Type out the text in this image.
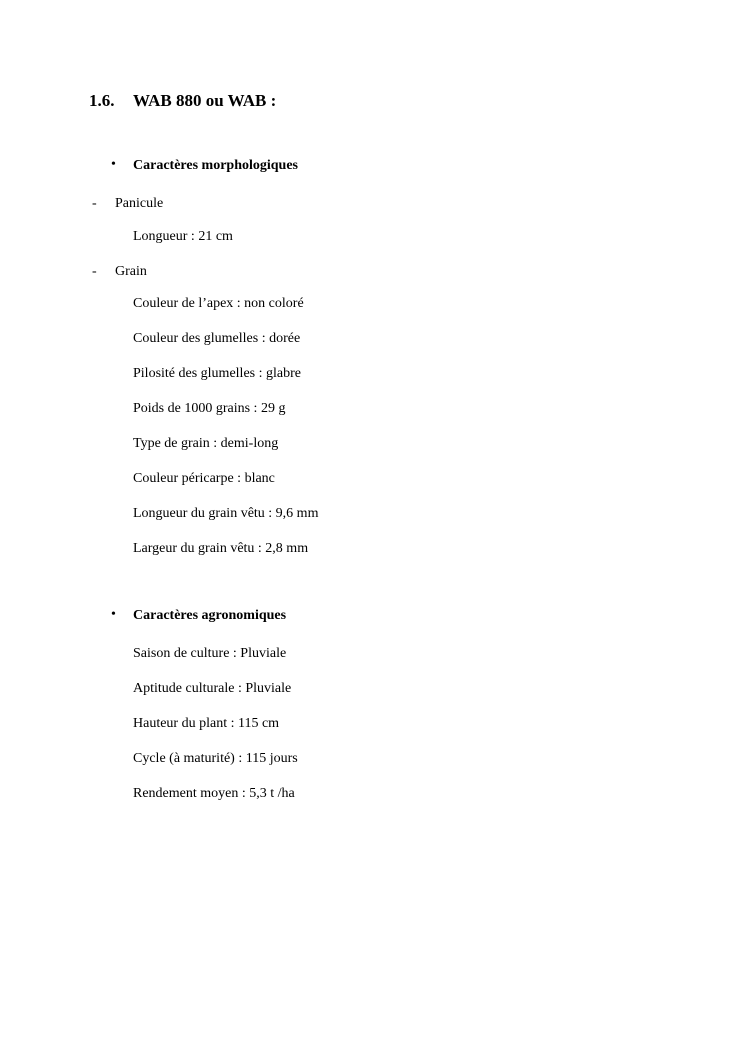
1.6. WAB 880 ou WAB :
• Caractères morphologiques
- Panicule
Longueur : 21 cm
- Grain
Couleur de l’apex : non coloré
Couleur des glumelles : dorée
Pilosité des glumelles : glabre
Poids de 1000 grains : 29 g
Type de grain : demi-long
Couleur péricarpe : blanc
Longueur du grain vêtu : 9,6 mm
Largeur du grain vêtu : 2,8 mm
• Caractères agronomiques
Saison de culture : Pluviale
Aptitude culturale : Pluviale
Hauteur du plant : 115 cm
Cycle (à maturité) : 115 jours
Rendement moyen : 5,3 t /ha
